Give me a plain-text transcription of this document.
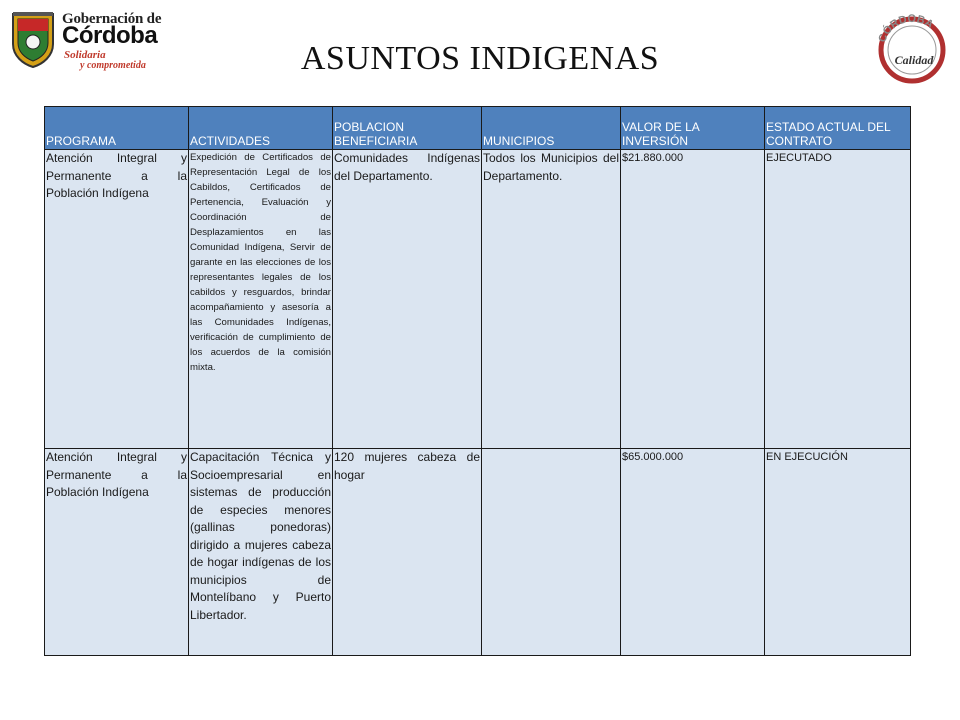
Gobernación de
Córdoba
Solidaria
y comprometida	ASUNTOS INDIGENAS
CÓRDOBA
Calidad
PROGRAMA	ACTIVIDADES	POBLACION BENEFICIARIA	MUNICIPIOS	VALOR DE LA INVERSIÓN	ESTADO ACTUAL DEL CONTRATO
Atención Integral y Permanente a la Población Indígena	Expedición de Certificados de Representación Legal de los Cabildos, Certificados de Pertenencia, Evaluación y Coordinación de Desplazamientos en las Comunidad Indígena, Servir de garante en las elecciones de los representantes legales de los cabildos y resguardos, brindar acompañamiento y asesoría a las Comunidades Indígenas, verificación de cumplimiento de los acuerdos de la comisión mixta.	Comunidades Indígenas del Departamento.	Todos los Municipios del Departamento.	$21.880.000	EJECUTADO
Atención Integral y Permanente a la Población Indígena	Capacitación Técnica y Socioempresarial en sistemas de producción de especies menores (gallinas ponedoras) dirigido a mujeres cabeza de hogar indígenas de los municipios de Montelíbano y Puerto Libertador.	120 mujeres cabeza de hogar		$65.000.000	EN EJECUCIÓN
